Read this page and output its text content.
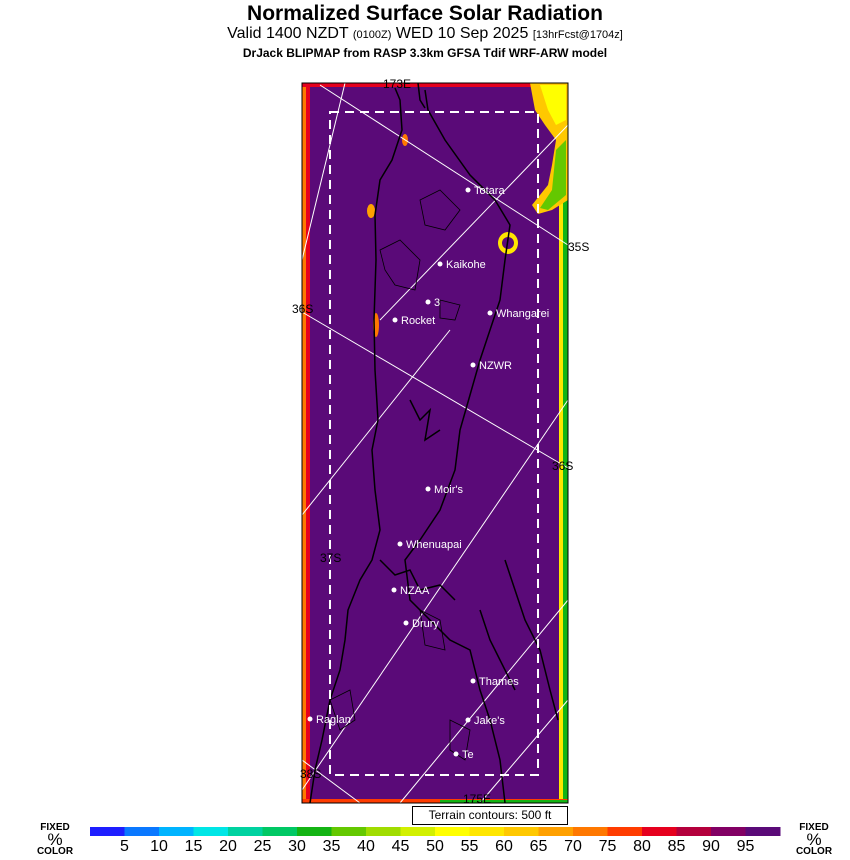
Normalized Surface Solar Radiation
Valid 1400 NZDT (0100Z) WED 10 Sep 2025 [13hrFcst@1704z]
DrJack BLIPMAP from RASP 3.3km GFSA Tdif WRF-ARW model
173E
35S
36S
36S
37S
38S
175E
Totara
Kaikohe
3
Rocket
Whangarei
NZWR
Moir's
Whenuapai
NZAA
Drury
Thames
Raglan	Jake's
Te
5 10 15 20 25 30 35 40 45 50 55 60 65 70 75 80 85 90 95
Terrain contours: 500 ft
FIXED
%
COLOR
FIXED
%
COLOR
